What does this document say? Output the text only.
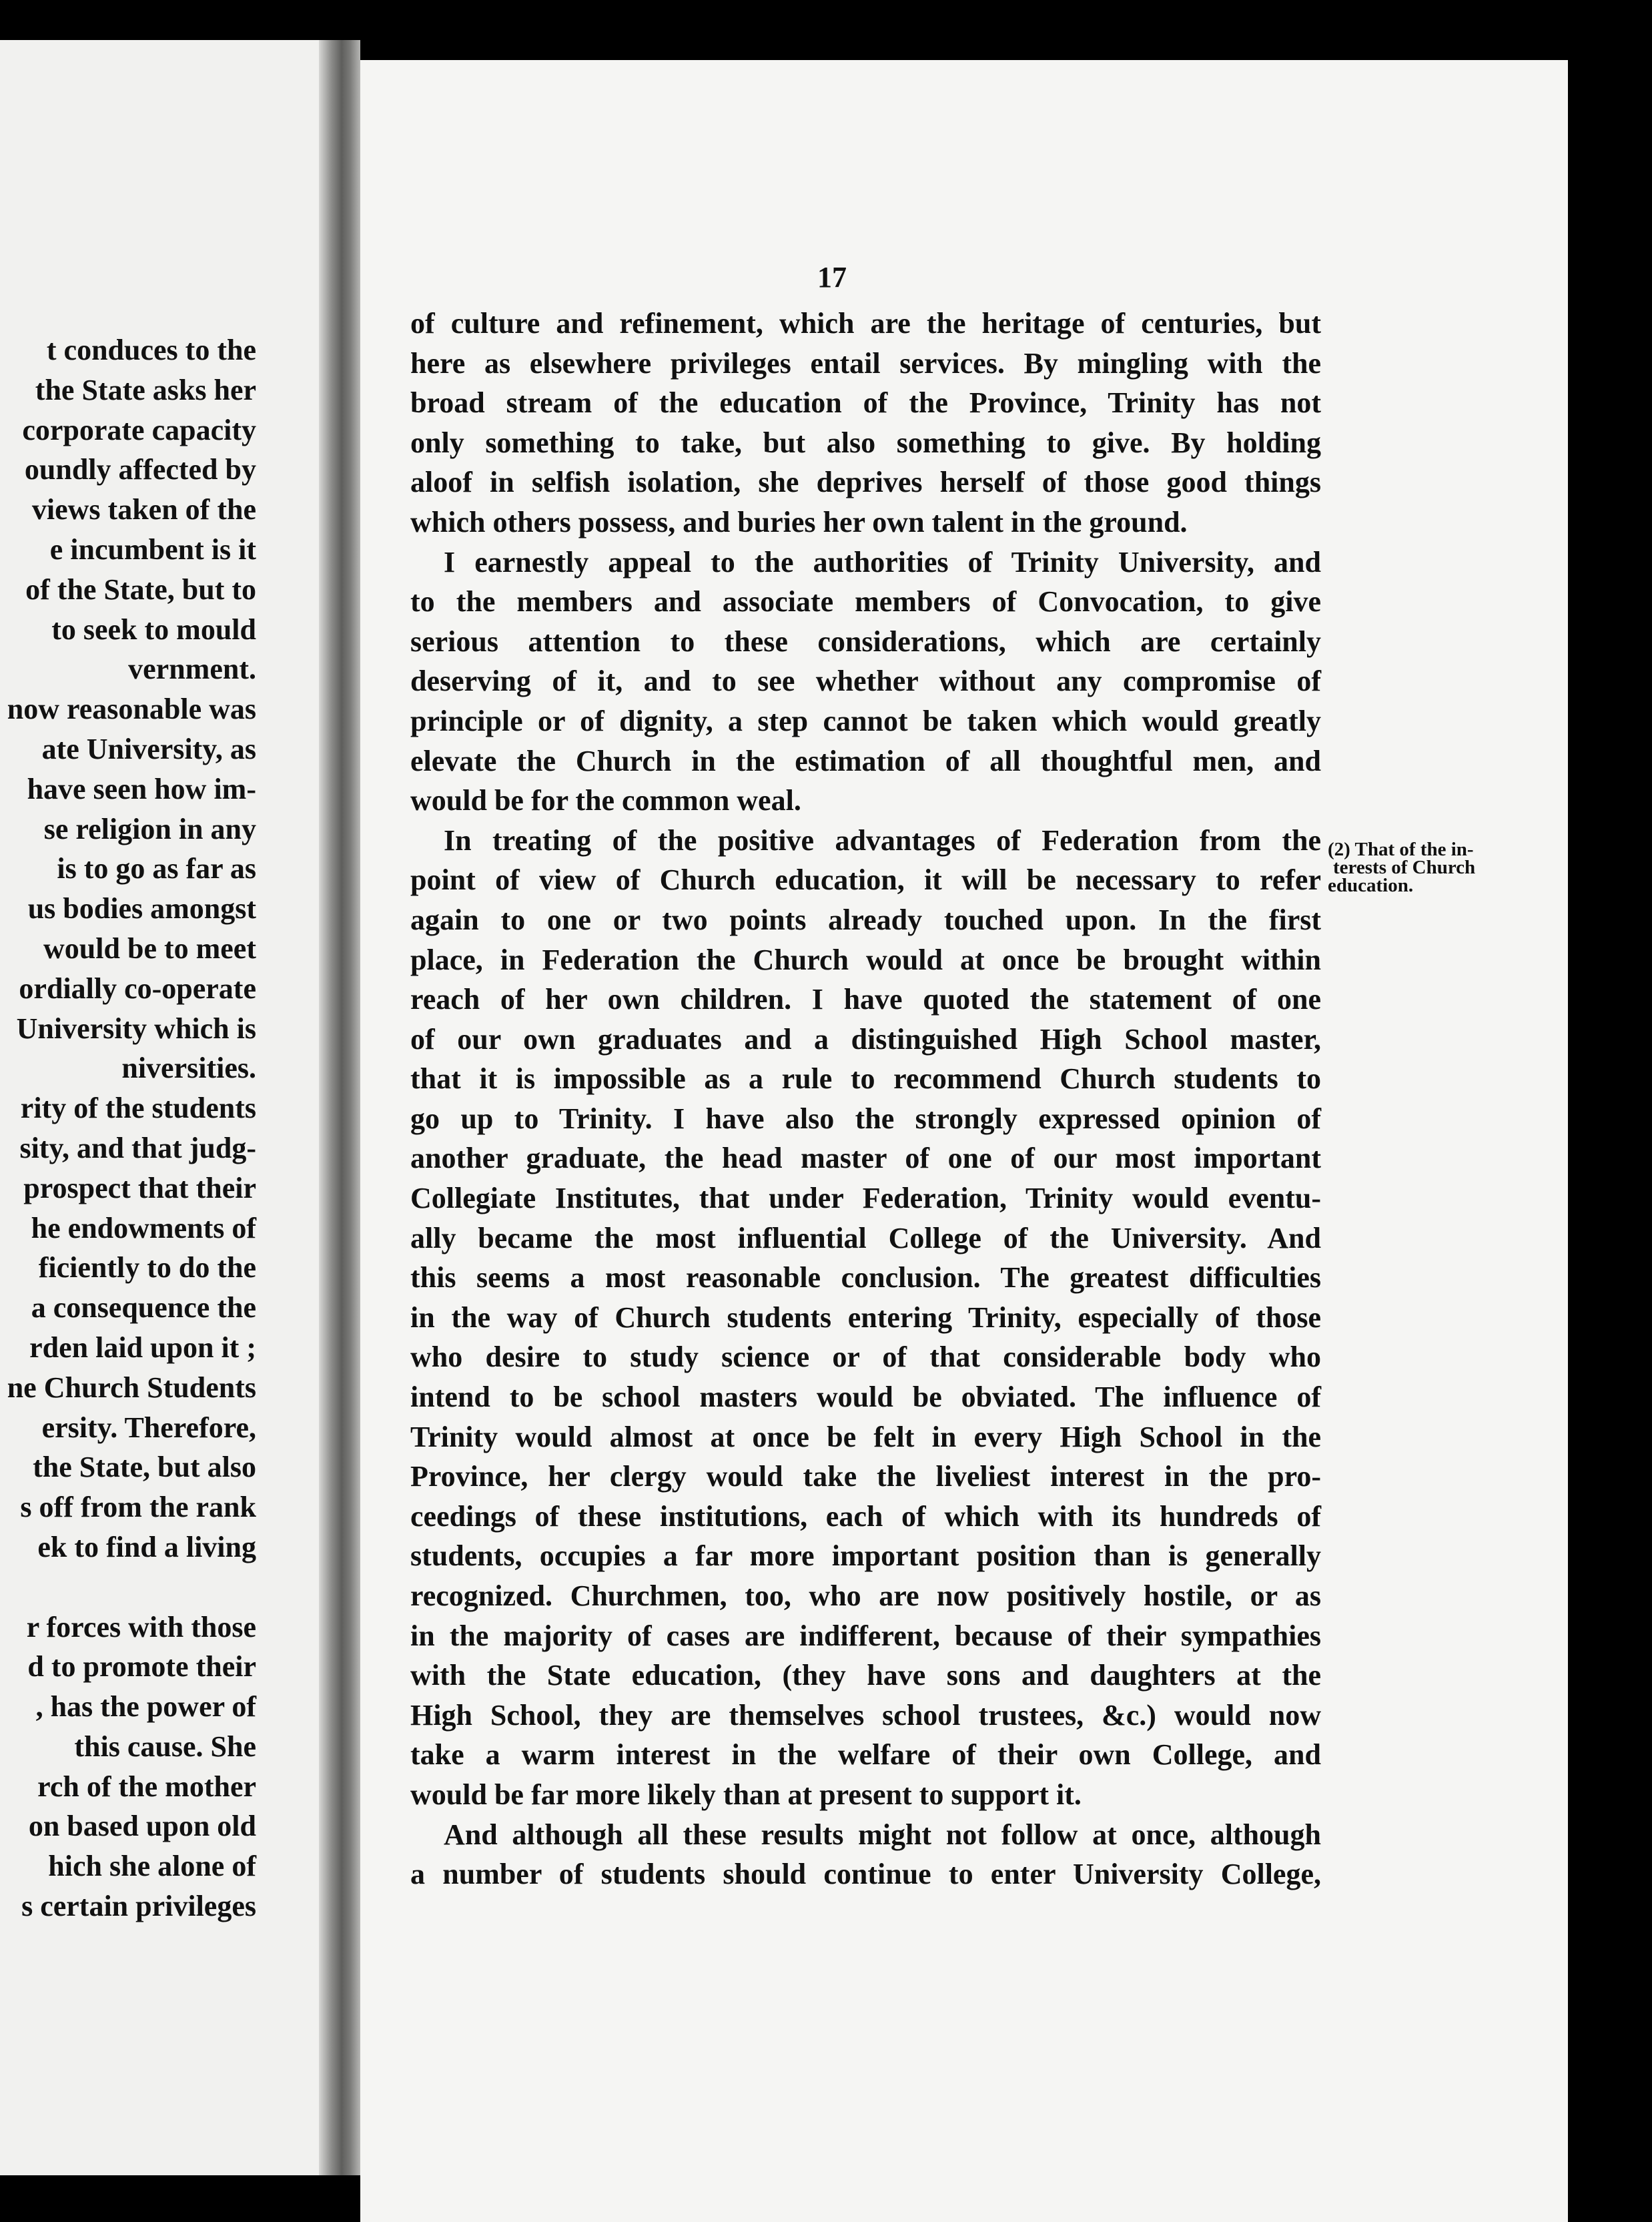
t conduces to the
the State asks her
corporate capacity
oundly affected by
views taken of the
e incumbent is it
of the State, but to
to seek to mould
vernment.
now reasonable was
ate University, as
have seen how im-
se religion in any
is to go as far as
us bodies amongst
would be to meet
ordially co-operate
University which is
niversities.
rity of the students
sity, and that judg-
prospect that their
he endowments of
ficiently to do the
a consequence the
rden laid upon it ;
ne Church Students
ersity. Therefore,
the State, but also
s off from the rank
ek to find a living
r forces with those
d to promote their
, has the power of
this cause. She
rch of the mother
on based upon old
hich she alone of
s certain privileges
17
of culture and refinement, which are the heritage of centuries, but
here as elsewhere privileges entail services. By mingling with the
broad stream of the education of the Province, Trinity has not
only something to take, but also something to give. By holding
aloof in selfish isolation, she deprives herself of those good things
which others possess, and buries her own talent in the ground.
I earnestly appeal to the authorities of Trinity University, and
to the members and associate members of Convocation, to give
serious attention to these considerations, which are certainly
deserving of it, and to see whether without any compromise of
principle or of dignity, a step cannot be taken which would greatly
elevate the Church in the estimation of all thoughtful men, and
would be for the common weal.
In treating of the positive advantages of Federation from the
point of view of Church education, it will be necessary to refer
again to one or two points already touched upon. In the first
place, in Federation the Church would at once be brought within
reach of her own children. I have quoted the statement of one
of our own graduates and a distinguished High School master,
that it is impossible as a rule to recommend Church students to
go up to Trinity. I have also the strongly expressed opinion of
another graduate, the head master of one of our most important
Collegiate Institutes, that under Federation, Trinity would eventu-
ally became the most influential College of the University. And
this seems a most reasonable conclusion. The greatest difficulties
in the way of Church students entering Trinity, especially of those
who desire to study science or of that considerable body who
intend to be school masters would be obviated. The influence of
Trinity would almost at once be felt in every High School in the
Province, her clergy would take the liveliest interest in the pro-
ceedings of these institutions, each of which with its hundreds of
students, occupies a far more important position than is generally
recognized. Churchmen, too, who are now positively hostile, or as
in the majority of cases are indifferent, because of their sympathies
with the State education, (they have sons and daughters at the
High School, they are themselves school trustees, &c.) would now
take a warm interest in the welfare of their own College, and
would be far more likely than at present to support it.
And although all these results might not follow at once, although
a number of students should continue to enter University College,
(2) That of the in-
terests of Church
education.
